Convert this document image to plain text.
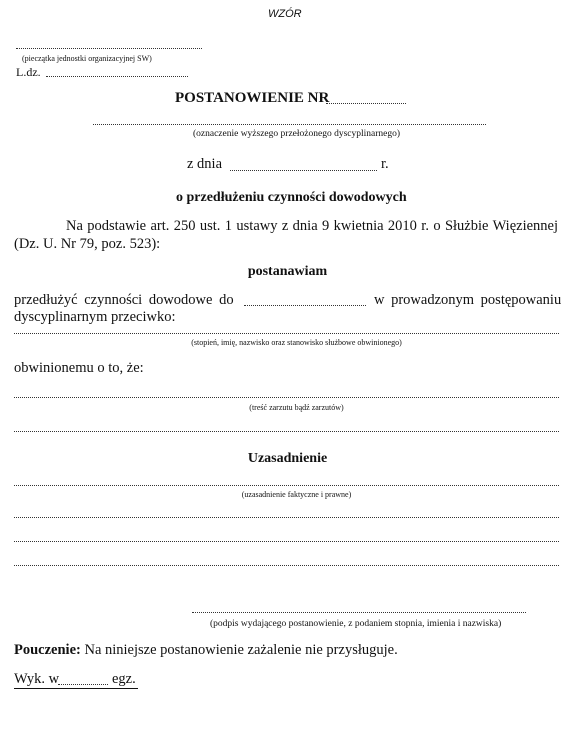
WZÓR
(pieczątka jednostki organizacyjnej SW)
L.dz.
POSTANOWIENIE NR
(oznaczenie wyższego przełożonego dyscyplinarnego)
z dnia	r.
o przedłużeniu czynności dowodowych
Na podstawie art. 250 ust. 1 ustawy z dnia 9 kwietnia 2010 r. o Służbie Więziennej
(Dz. U. Nr 79, poz. 523):
postanawiam
przedłużyć czynności dowodowe do	w prowadzonym postępowaniu
dyscyplinarnym przeciwko:
(stopień, imię, nazwisko oraz stanowisko służbowe obwinionego)
obwinionemu o to, że:
(treść zarzutu bądź zarzutów)
Uzasadnienie
(uzasadnienie faktyczne i prawne)
(podpis wydającego postanowienie, z podaniem stopnia, imienia i nazwiska)
Pouczenie: Na niniejsze postanowienie zażalenie nie przysługuje.
Wyk. w	egz.
